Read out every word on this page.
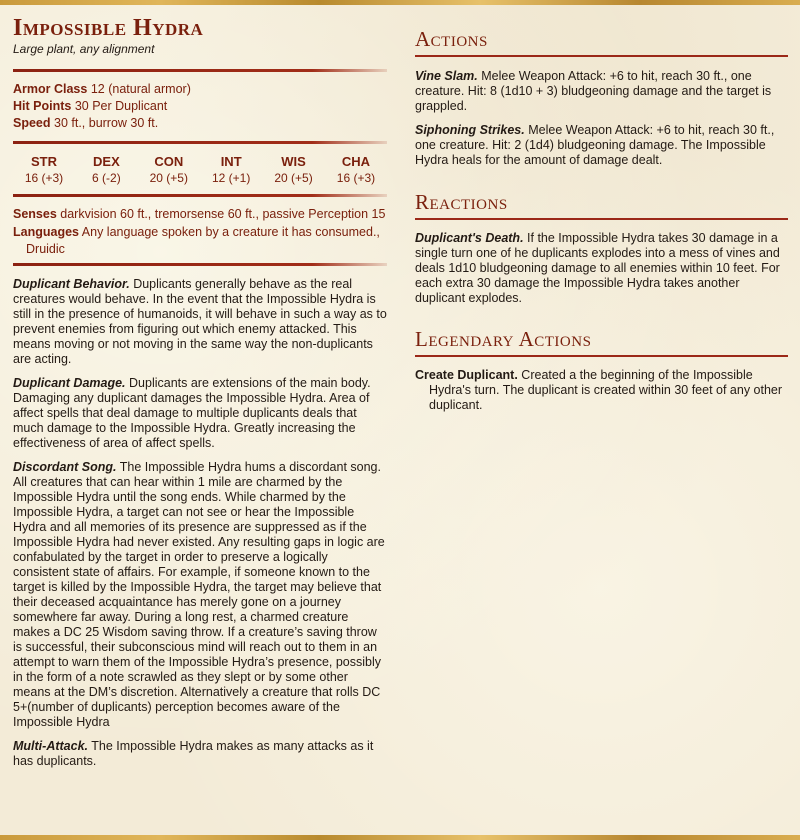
Impossible Hydra
Large plant, any alignment
Armor Class 12 (natural armor)
Hit Points 30 Per Duplicant
Speed 30 ft., burrow 30 ft.
STR
16 (+3)
DEX
6 (-2)
CON
20 (+5)
INT
12 (+1)
WIS
20 (+5)
CHA
16 (+3)
Senses darkvision 60 ft., tremorsense 60 ft., passive Perception 15
Languages Any language spoken by a creature it has consumed., Druidic
Duplicant Behavior. Duplicants generally behave as the real creatures would behave. In the event that the Impossible Hydra is still in the presence of humanoids, it will behave in such a way as to prevent enemies from figuring out which enemy attacked. This means moving or not moving in the same way the non-duplicants are acting.
Duplicant Damage. Duplicants are extensions of the main body. Damaging any duplicant damages the Impossible Hydra. Area of affect spells that deal damage to multiple duplicants deals that much damage to the Impossible Hydra. Greatly increasing the effectiveness of area of affect spells.
Discordant Song. The Impossible Hydra hums a discordant song. All creatures that can hear within 1 mile are charmed by the Impossible Hydra until the song ends. While charmed by the Impossible Hydra, a target can not see or hear the Impossible Hydra and all memories of its presence are suppressed as if the Impossible Hydra had never existed. Any resulting gaps in logic are confabulated by the target in order to preserve a logically consistent state of affairs. For example, if someone known to the target is killed by the Impossible Hydra, the target may believe that their deceased acquaintance has merely gone on a journey somewhere far away. During a long rest, a charmed creature makes a DC 25 Wisdom saving throw. If a creature’s saving throw is successful, their subconscious mind will reach out to them in an attempt to warn them of the Impossible Hydra’s presence, possibly in the form of a note scrawled as they slept or by some other means at the DM’s discretion. Alternatively a creature that rolls DC 5+(number of duplicants) perception becomes aware of the Impossible Hydra
Multi-Attack. The Impossible Hydra makes as many attacks as it has duplicants.
Actions
Vine Slam. Melee Weapon Attack: +6 to hit, reach 30 ft., one creature. Hit: 8 (1d10 + 3) bludgeoning damage and the target is grappled.
Siphoning Strikes. Melee Weapon Attack: +6 to hit, reach 30 ft., one creature. Hit: 2 (1d4) bludgeoning damage. The Impossible Hydra heals for the amount of damage dealt.
Reactions
Duplicant's Death. If the Impossible Hydra takes 30 damage in a single turn one of he duplicants explodes into a mess of vines and deals 1d10 bludgeoning damage to all enemies within 10 feet. For each extra 30 damage the Impossible Hydra takes another duplicant explodes.
Legendary Actions
Create Duplicant. Created a the beginning of the Impossible Hydra's turn. The duplicant is created within 30 feet of any other duplicant.
